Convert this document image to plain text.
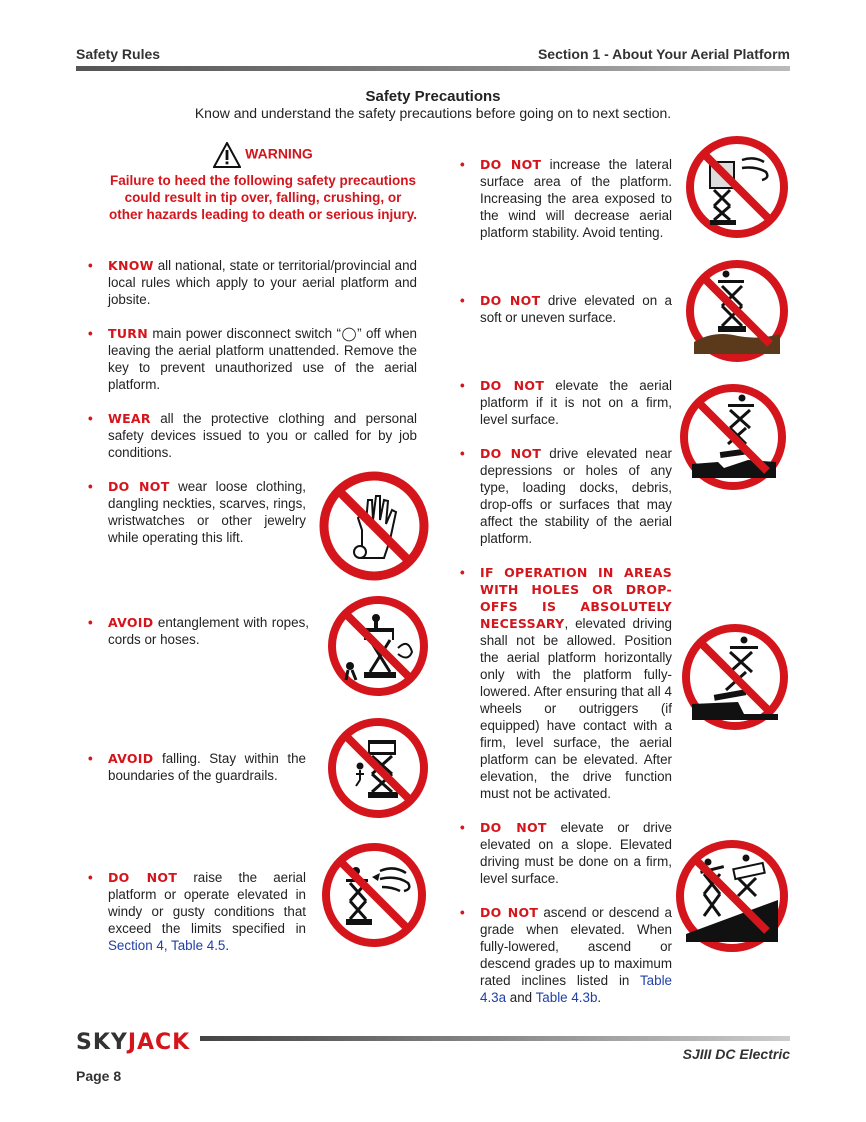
Safety Rules	Section 1 - About Your Aerial Platform
Safety Precautions
Know and understand the safety precautions before going on to next section.
WARNING
Failure to heed the following safety precautions could result in tip over, falling, crushing, or other hazards leading to death or serious injury.
• KNOW all national, state or territorial/provincial and local rules which apply to your aerial platform and jobsite.
• TURN main power disconnect switch “◯” off when leaving the aerial platform unattended. Remove the key to prevent unauthorized use of the aerial platform.
• WEAR all the protective clothing and personal safety devices issued to you or called for by job conditions.
• DO NOT wear loose clothing, dangling neckties, scarves, rings, wristwatches or other jewelry while operating this lift.
• AVOID entanglement with ropes, cords or hoses.
• AVOID falling. Stay within the boundaries of the guardrails.
• DO NOT raise the aerial platform or operate elevated in windy or gusty conditions that exceed the limits specified in Section 4, Table 4.5.
• DO NOT increase the lateral surface area of the platform. Increasing the area exposed to the wind will decrease aerial platform stability. Avoid tenting.
• DO NOT drive elevated on a soft or uneven surface.
• DO NOT elevate the aerial platform if it is not on a firm, level surface.
• DO NOT drive elevated near depressions or holes of any type, loading docks, debris, drop-offs or surfaces that may affect the stability of the aerial platform.
• IF OPERATION IN AREAS WITH HOLES OR DROP-OFFS IS ABSOLUTELY NECESSARY, elevated driving shall not be allowed. Position the aerial platform horizontally only with the platform fully-lowered. After ensuring that all 4 wheels or outriggers (if equipped) have contact with a firm, level surface, the aerial platform can be elevated. After elevation, the drive function must not be activated.
• DO NOT elevate or drive elevated on a slope. Elevated driving must be done on a firm, level surface.
• DO NOT ascend or descend a grade when elevated. When fully-lowered, ascend or descend grades up to maximum rated inclines listed in Table 4.3a and Table 4.3b.
SKYJACK	SJIII DC Electric
Page 8
